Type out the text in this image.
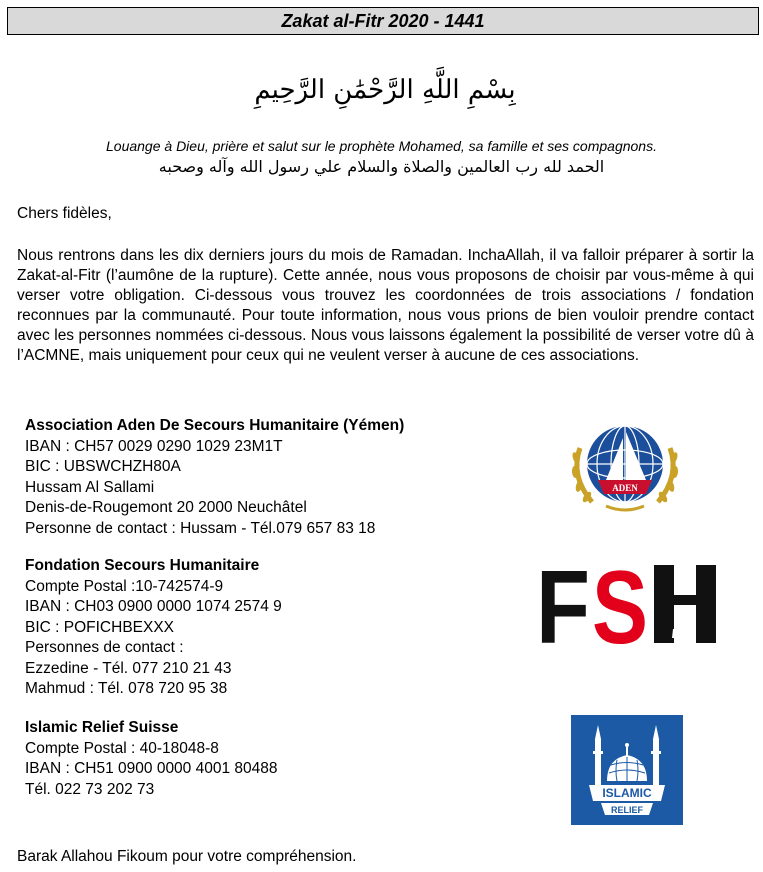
Zakat al-Fitr 2020 - 1441
بِسْمِ اللَّهِ الرَّحْمَٰنِ الرَّحِيمِ
Louange à Dieu, prière et salut sur le prophète Mohamed, sa famille et ses compagnons.
الحمد لله رب العالمين والصلاة والسلام علي رسول الله وآله وصحبه
Chers fidèles,
Nous rentrons dans les dix derniers jours du mois de Ramadan. InchaAllah, il va falloir préparer à sortir la Zakat-al-Fitr (l’aumône de la rupture). Cette année, nous vous proposons de choisir par vous-même à qui verser votre obligation. Ci-dessous vous trouvez les coordonnées de trois associations / fondation reconnues par la communauté. Pour toute information, nous vous prions de bien vouloir prendre contact avec les personnes nommées ci-dessous. Nous vous laissons également la possibilité de verser votre dû à l’ACMNE, mais uniquement pour ceux qui ne veulent verser à aucune de ces associations.
Association Aden De Secours Humanitaire (Yémen)
IBAN : CH57 0029 0290 1029 23M1T
BIC : UBSWCHZH80A
Hussam Al Sallami
Denis-de-Rougemont 20 2000 Neuchâtel
Personne de contact : Hussam - Tél.079 657 83 18
Fondation Secours Humanitaire
Compte Postal :10-742574-9
IBAN : CH03 0900 0000 1074 2574 9
BIC : POFICHBEXXX
Personnes de contact :
Ezzedine - Tél. 077 210 21 43
Mahmud : Tél. 078 720 95 38
Islamic Relief Suisse
Compte Postal : 40-18048-8
IBAN : CH51 0900 0000 4001 80488
Tél. 022 73 202 73
Barak Allahou Fikoum pour votre compréhension.
ADEN
F S
ISLAMIC
RELIEF
